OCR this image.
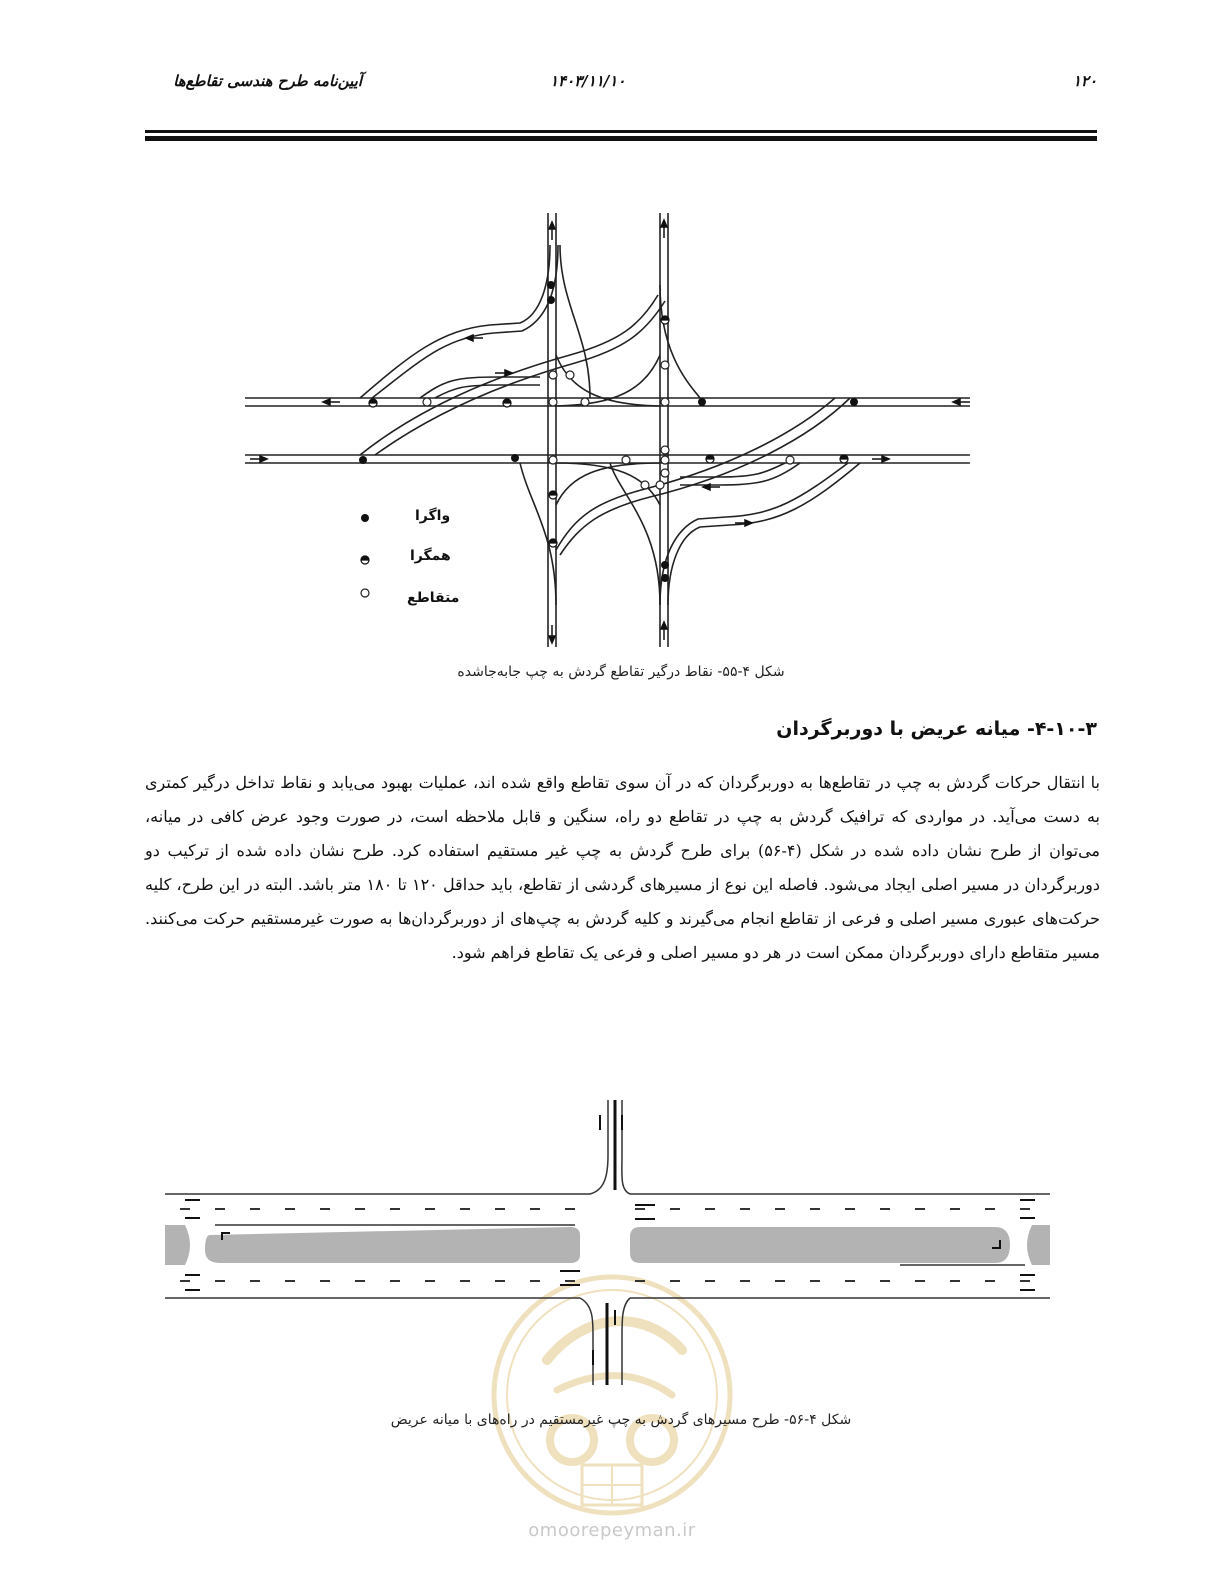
آیین‌نامه طرح هندسی تقاطع‌ها	۱۴۰۳/۱۱/۱۰	۱۲۰
واگرا
همگرا
متقاطع
شکل ۴-۵۵- نقاط درگیر تقاطع گردش به چپ جابه‌جاشده
۴-۱۰-۳- میانه عریض با دوربرگردان
با انتقال حرکات گردش به چپ در تقاطع‌ها به دوربرگردان که در آن سوی تقاطع واقع شده اند، عملیات بهبود می‌یابد و نقاط تداخل درگیر کمتری به دست می‌آید. در مواردی که ترافیک گردش به چپ در تقاطع دو راه، سنگین و قابل ملاحظه است، در صورت وجود عرض کافی در میانه، می‌توان از طرح نشان داده شده در شکل (۴-۵۶) برای طرح گردش به چپ غیر مستقیم استفاده کرد. طرح نشان داده شده از ترکیب دو دوربرگردان در مسیر اصلی ایجاد می‌شود. فاصله این نوع از مسیرهای گردشی از تقاطع، باید حداقل ۱۲۰ تا ۱۸۰ متر باشد. البته در این طرح، کلیه حرکت‌های عبوری مسیر اصلی و فرعی از تقاطع انجام می‌گیرند و کلیه گردش به چپ‌های از دوربرگردان‌ها به صورت غیرمستقیم حرکت می‌کنند. مسیر متقاطع دارای دوربرگردان ممکن است در هر دو مسیر اصلی و فرعی یک تقاطع فراهم شود.
شکل ۴-۵۶- طرح مسیرهای گردش به چپ غیرمستقیم در راه‌های با میانه عریض
omoorepeyman.ir
